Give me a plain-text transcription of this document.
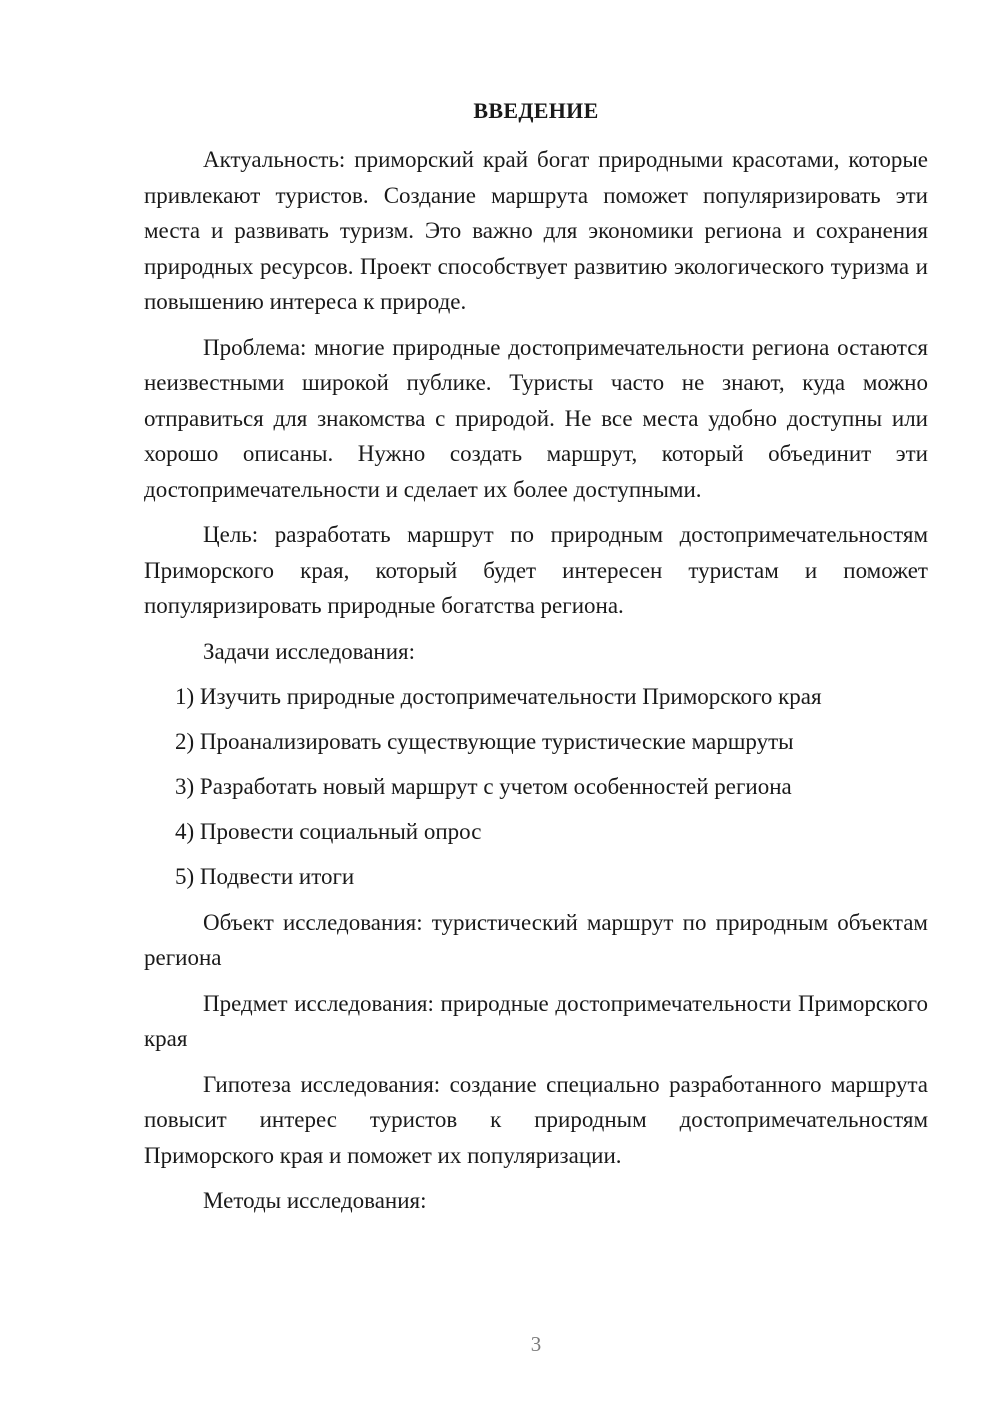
ВВЕДЕНИЕ

Актуальность: приморский край богат природными красотами, которые привлекают туристов. Создание маршрута поможет популяризировать эти места и развивать туризм. Это важно для экономики региона и сохранения природных ресурсов. Проект способствует развитию экологического туризма и повышению интереса к природе.

Проблема: многие природные достопримечательности региона остаются неизвестными широкой публике. Туристы часто не знают, куда можно отправиться для знакомства с природой. Не все места удобно доступны или хорошо описаны. Нужно создать маршрут, который объединит эти достопримечательности и сделает их более доступными.

Цель: разработать маршрут по природным достопримечательностям Приморского края, который будет интересен туристам и поможет популяризировать природные богатства региона.

Задачи исследования:

1) Изучить природные достопримечательности Приморского края
2) Проанализировать существующие туристические маршруты
3) Разработать новый маршрут с учетом особенностей региона
4) Провести социальный опрос
5) Подвести итоги

Объект исследования: туристический маршрут по природным объектам региона

Предмет исследования: природные достопримечательности Приморского края

Гипотеза исследования: создание специально разработанного маршрута повысит интерес туристов к природным достопримечательностям Приморского края и поможет их популяризации.

Методы исследования:

3
